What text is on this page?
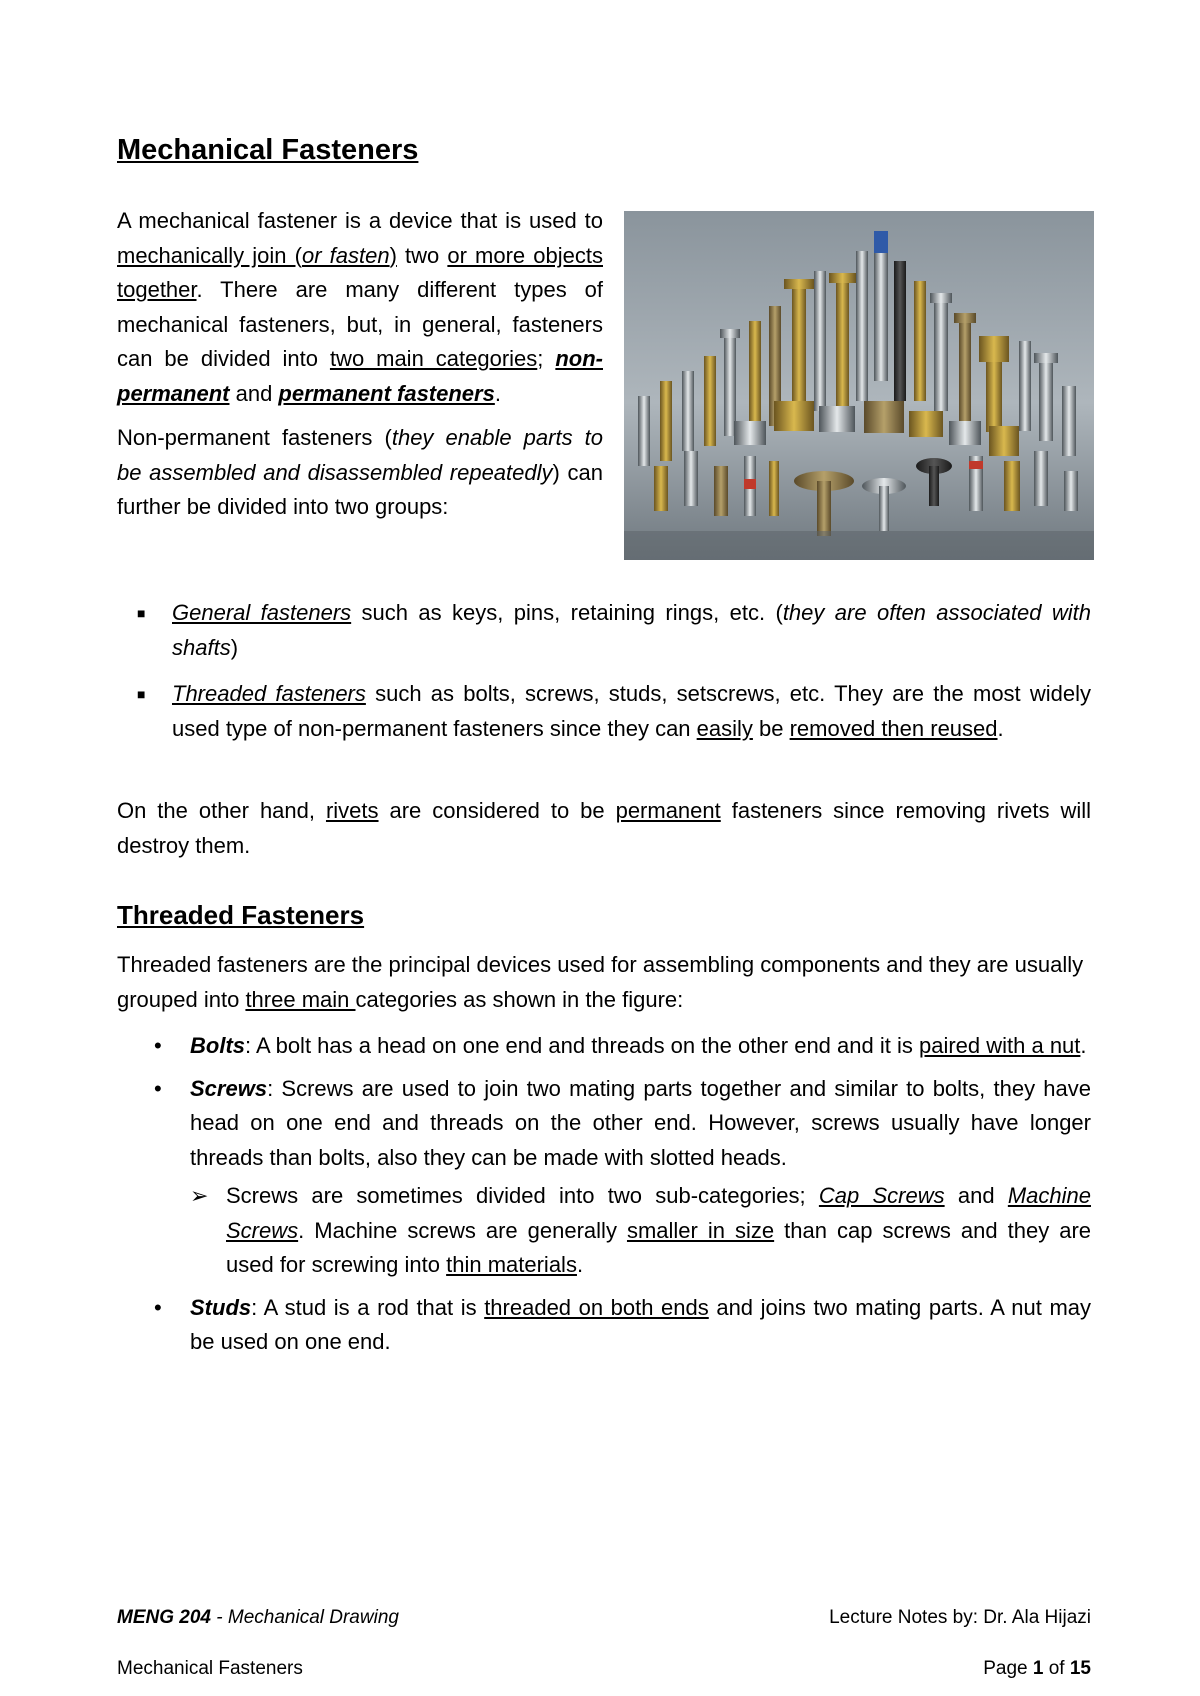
Mechanical Fasteners

A mechanical fastener is a device that is used to mechanically join (or fasten) two or more objects together. There are many different types of mechanical fasteners, but, in general, fasteners can be divided into two main categories; non-permanent and permanent fasteners.

Non-permanent fasteners (they enable parts to be assembled and disassembled repeatedly) can further be divided into two groups:

■ General fasteners such as keys, pins, retaining rings, etc. (they are often associated with shafts)
■ Threaded fasteners such as bolts, screws, studs, setscrews, etc. They are the most widely used type of non-permanent fasteners since they can easily be removed then reused.

On the other hand, rivets are considered to be permanent fasteners since removing rivets will destroy them.

Threaded Fasteners

Threaded fasteners are the principal devices used for assembling components and they are usually grouped into three main categories as shown in the figure:

• Bolts: A bolt has a head on one end and threads on the other end and it is paired with a nut.
• Screws: Screws are used to join two mating parts together and similar to bolts, they have head on one end and threads on the other end. However, screws usually have longer threads than bolts, also they can be made with slotted heads.
➢ Screws are sometimes divided into two sub-categories; Cap Screws and Machine Screws. Machine screws are generally smaller in size than cap screws and they are used for screwing into thin materials.
• Studs: A stud is a rod that is threaded on both ends and joins two mating parts. A nut may be used on one end.
MENG 204 - Mechanical Drawing	Lecture Notes by: Dr. Ala Hijazi
Mechanical Fasteners	Page 1 of 15
